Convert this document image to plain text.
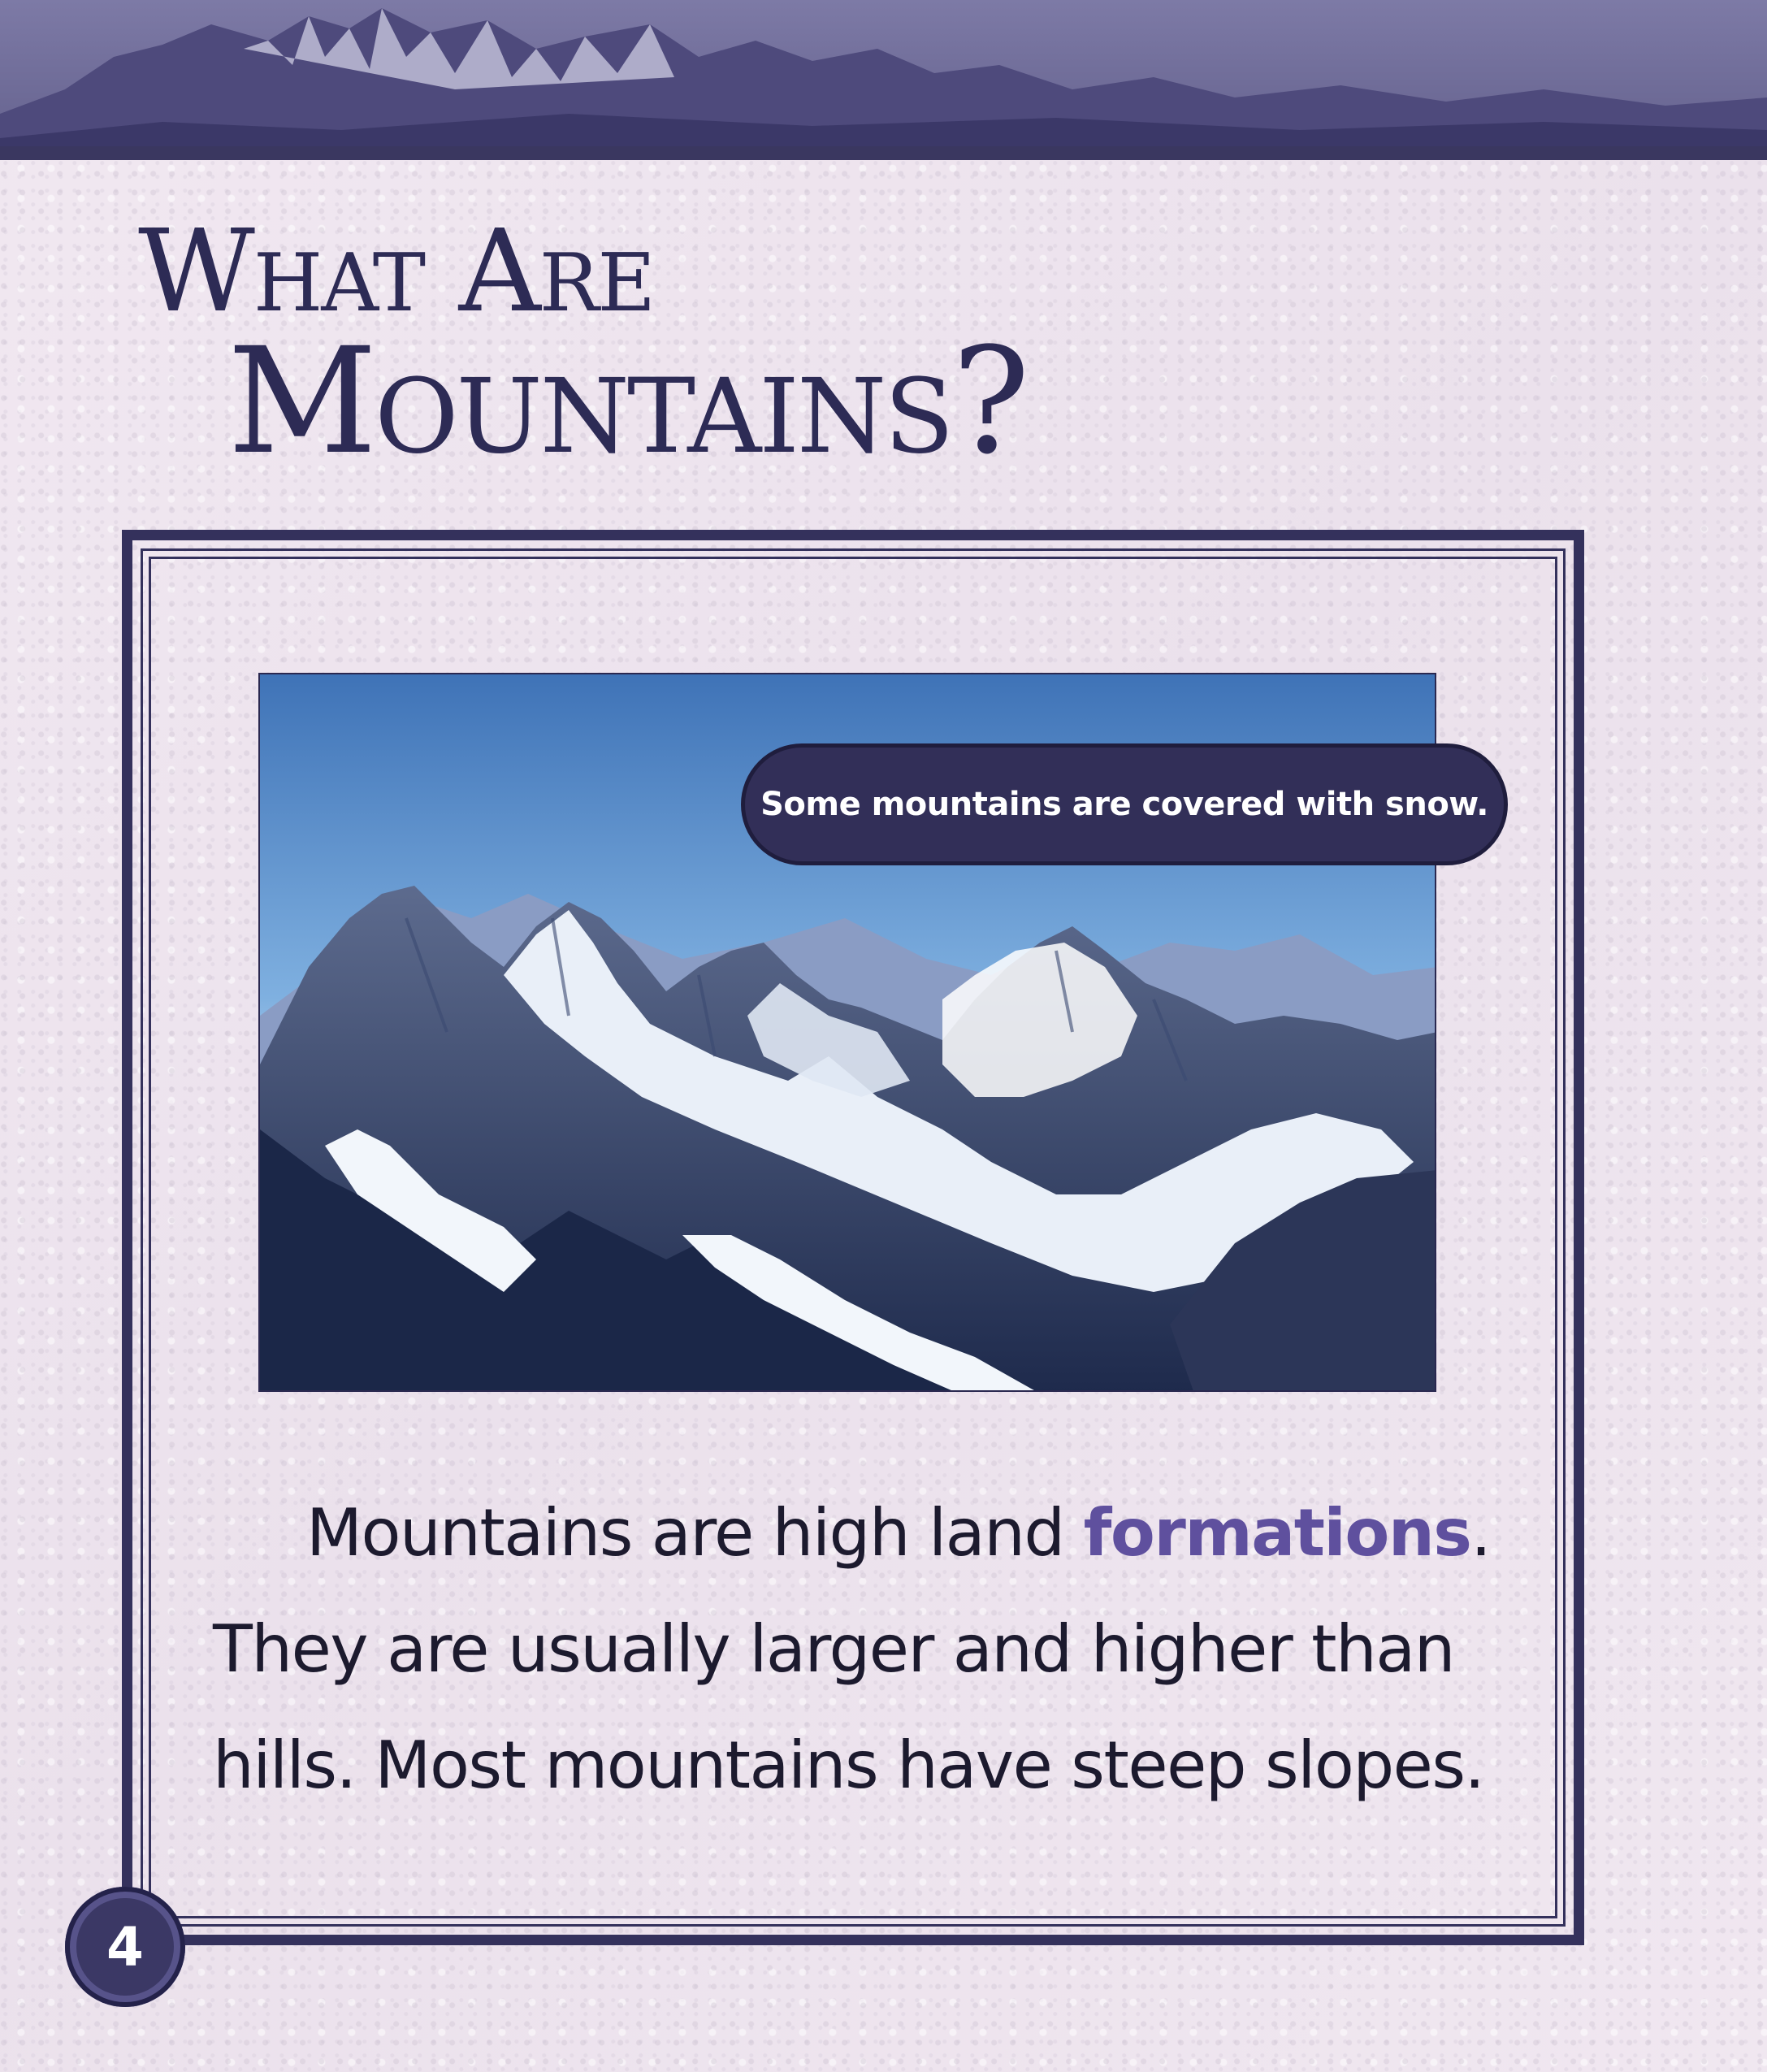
What Are
Mountains?
Some mountains are covered with snow.

Mountains are high land formations. They are usually larger and higher than hills. Most mountains have steep slopes.

4
